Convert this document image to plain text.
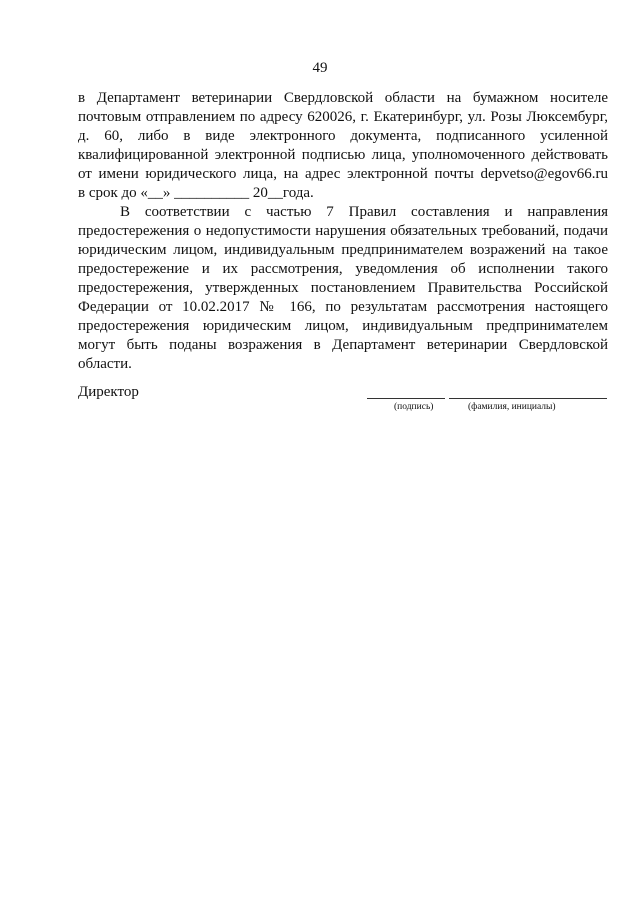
49

в Департамент ветеринарии Свердловской области на бумажном носителе
почтовым отправлением по адресу 620026, г. Екатеринбург, ул. Розы Люксембург,
д. 60, либо в виде электронного документа, подписанного усиленной
квалифицированной электронной подписью лица, уполномоченного действовать
от имени юридического лица, на адрес электронной почты depvetso@egov66.ru
в срок до «__» __________ 20__года.

В соответствии с частью 7 Правил составления и направления
предостережения о недопустимости нарушения обязательных требований, подачи
юридическим лицом, индивидуальным предпринимателем возражений на такое
предостережение и их рассмотрения, уведомления об исполнении такого
предостережения, утвержденных постановлением Правительства Российской
Федерации от 10.02.2017 № 166, по результатам рассмотрения настоящего
предостережения юридическим лицом, индивидуальным предпринимателем
могут быть поданы возражения в Департамент ветеринарии Свердловской
области.

Директор
(подпись)	(фамилия, инициалы)
